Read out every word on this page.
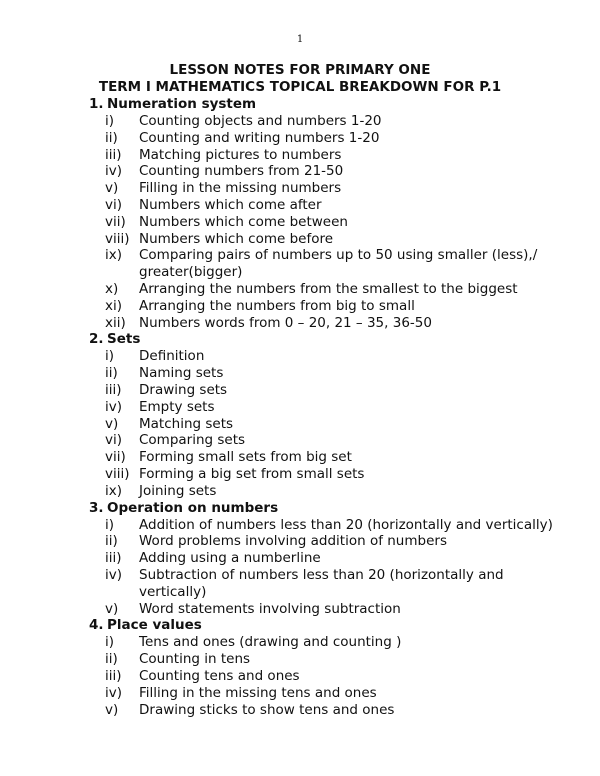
1
LESSON NOTES FOR PRIMARY ONE
TERM I MATHEMATICS TOPICAL BREAKDOWN FOR P.1
1. Numeration system
i)	Counting objects and numbers 1-20
ii)	Counting and writing numbers 1-20
iii)	Matching pictures to numbers
iv)	Counting numbers from 21-50
v)	Filling in the missing numbers
vi)	Numbers which come after
vii) Numbers which come between
viii) Numbers which come before
ix)	Comparing pairs of numbers up to 50 using smaller (less),/ greater(bigger)
x)	Arranging the numbers from the smallest to the biggest
xi)	Arranging the numbers from big to small
xii) Numbers words from 0 – 20, 21 – 35, 36-50
2. Sets
i)	Definition
ii)	Naming sets
iii)	Drawing sets
iv)	Empty sets
v)	Matching sets
vi)	Comparing sets
vii) Forming small sets from big set
viii) Forming a big set from small sets
ix)	Joining sets
3. Operation on numbers
i)	Addition of numbers less than 20 (horizontally and vertically)
ii)	Word problems involving addition of numbers
iii)	Adding using a numberline
iv)	Subtraction of numbers less than 20 (horizontally and vertically)
v)	Word statements involving subtraction
4. Place values
i)	Tens and ones (drawing and counting )
ii)	Counting in tens
iii)	Counting tens and ones
iv)	Filling in the missing tens and ones
v)	Drawing sticks to show tens and ones
